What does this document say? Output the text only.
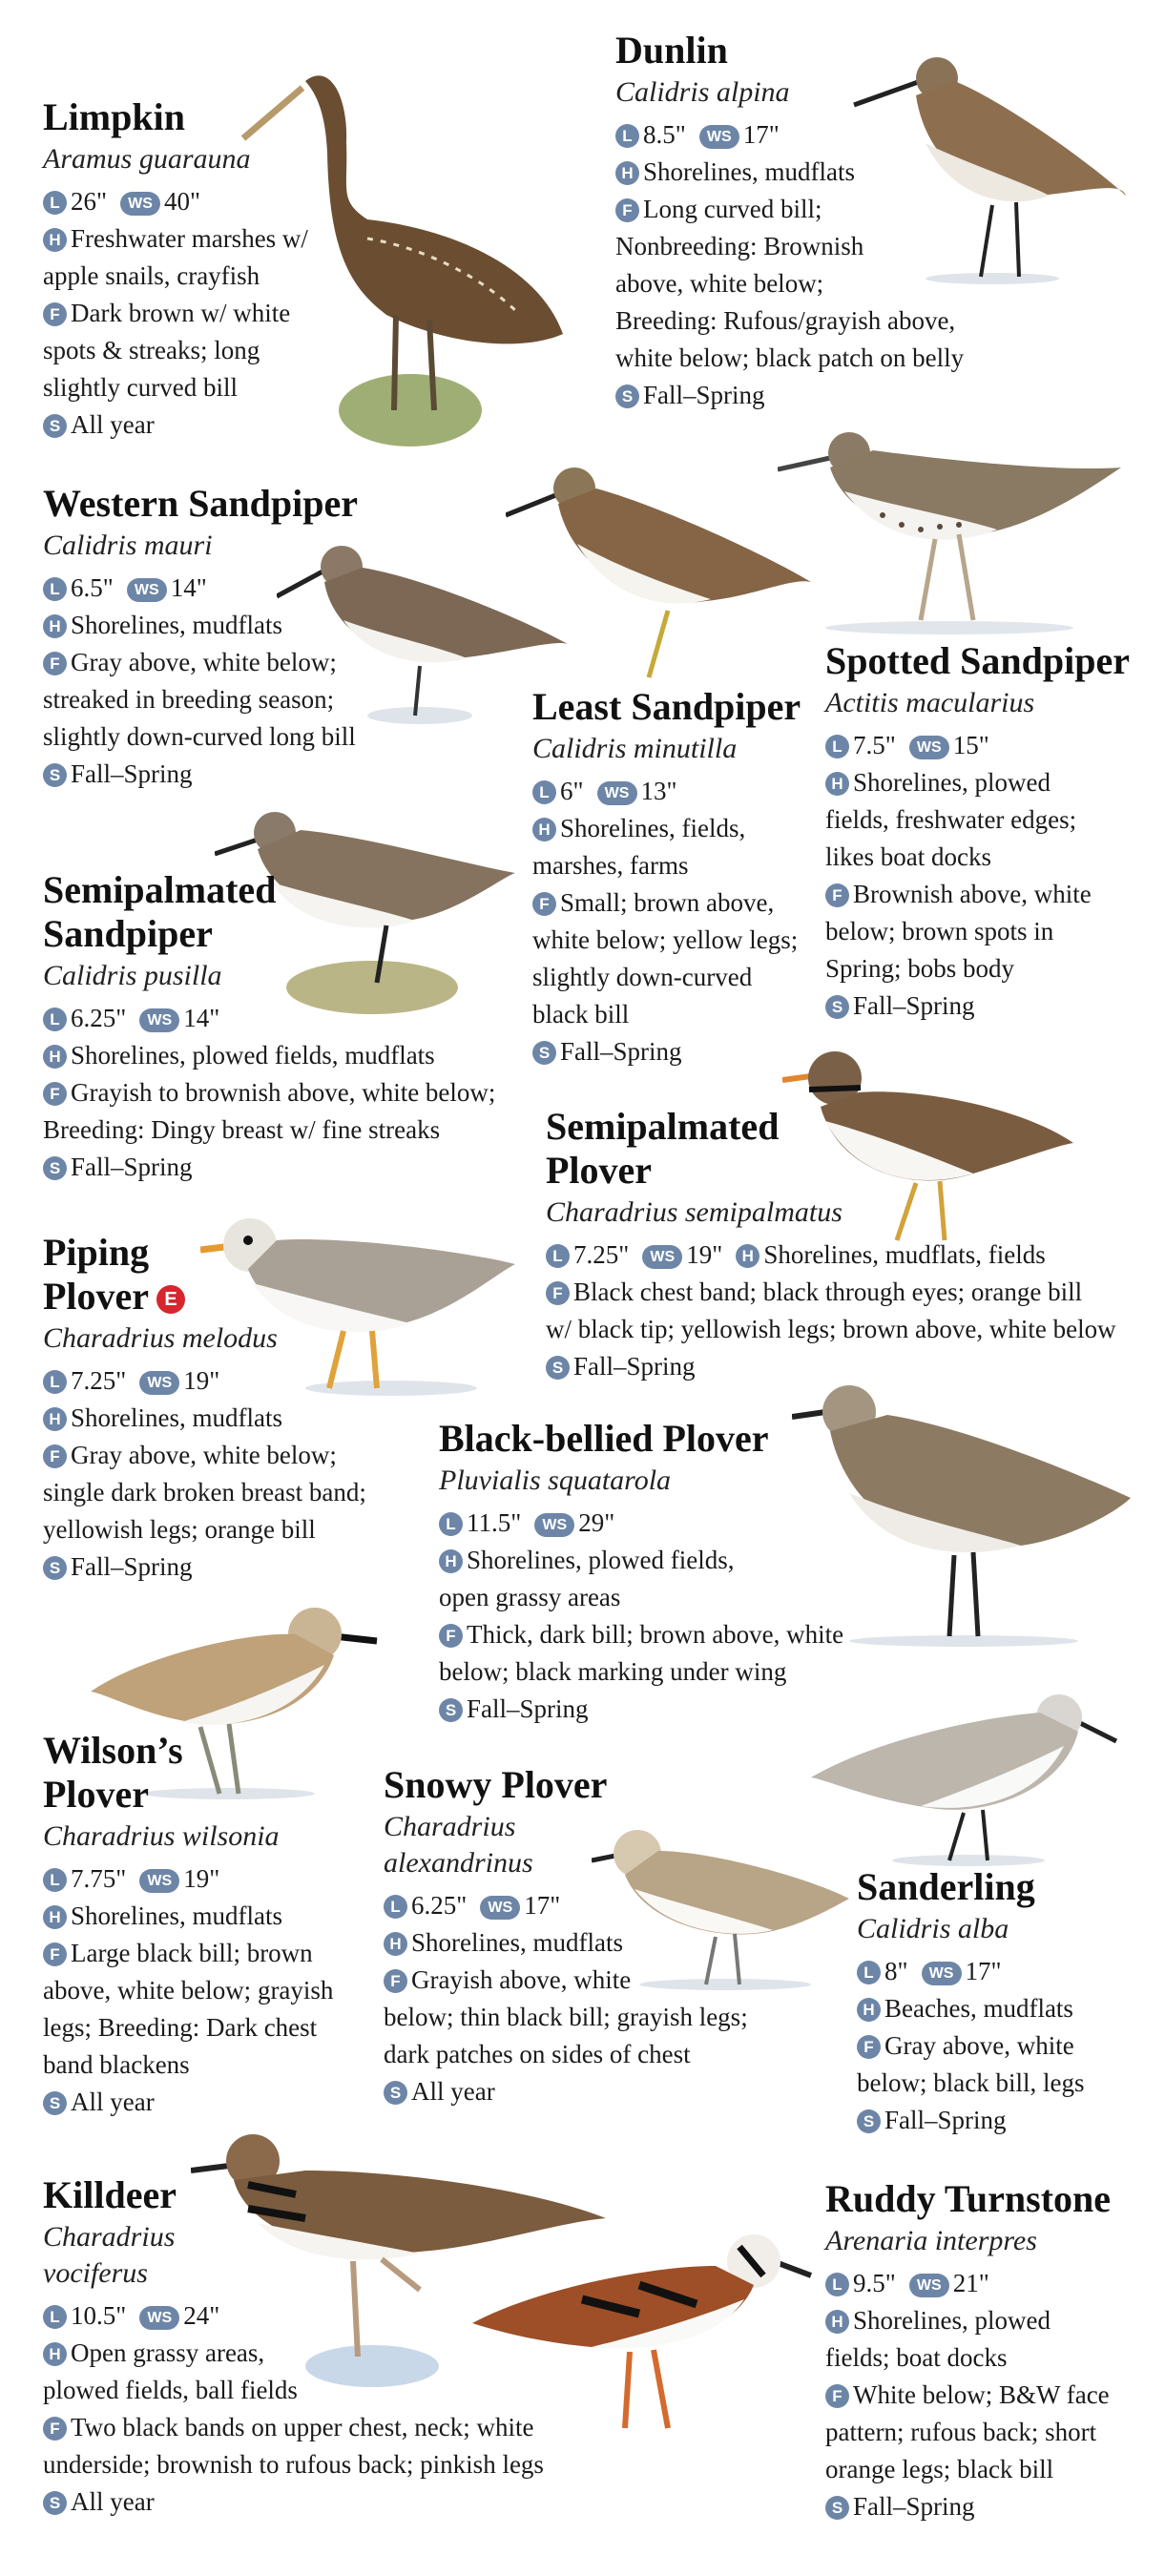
Limpkin
Aramus guarauna
L 26" WS 40"
H Freshwater marshes w/
apple snails, crayfish
F Dark brown w/ white
spots & streaks; long
slightly curved bill
S All year
Dunlin
Calidris alpina
L 8.5" WS 17"
H Shorelines, mudflats
F Long curved bill;
Nonbreeding: Brownish
above, white below;
Breeding: Rufous/grayish above,
white below; black patch on belly
S Fall–Spring
Western Sandpiper
Calidris mauri
L 6.5" WS 14"
H Shorelines, mudflats
F Gray above, white below;
streaked in breeding season;
slightly down-curved long bill
S Fall–Spring
Least Sandpiper
Calidris minutilla
L 6" WS 13"
H Shorelines, fields,
marshes, farms
F Small; brown above,
white below; yellow legs;
slightly down-curved
black bill
S Fall–Spring
Spotted Sandpiper
Actitis macularius
L 7.5" WS 15"
H Shorelines, plowed
fields, freshwater edges;
likes boat docks
F Brownish above, white
below; brown spots in
Spring; bobs body
S Fall–Spring
Semipalmated
Sandpiper
Calidris pusilla
L 6.25" WS 14"
H Shorelines, plowed fields, mudflats
F Grayish to brownish above, white below;
Breeding: Dingy breast w/ fine streaks
S Fall–Spring
Semipalmated
Plover
Charadrius semipalmatus
L 7.25" WS 19" H Shorelines, mudflats, fields
F Black chest band; black through eyes; orange bill
w/ black tip; yellowish legs; brown above, white below
S Fall–Spring
Piping
Plover E
Charadrius melodus
L 7.25" WS 19"
H Shorelines, mudflats
F Gray above, white below;
single dark broken breast band;
yellowish legs; orange bill
S Fall–Spring
Black-bellied Plover
Pluvialis squatarola
L 11.5" WS 29"
H Shorelines, plowed fields,
open grassy areas
F Thick, dark bill; brown above, white
below; black marking under wing
S Fall–Spring
Wilson’s
Plover
Charadrius wilsonia
L 7.75" WS 19"
H Shorelines, mudflats
F Large black bill; brown
above, white below; grayish
legs; Breeding: Dark chest
band blackens
S All year
Snowy Plover
Charadrius
alexandrinus
L 6.25" WS 17"
H Shorelines, mudflats
F Grayish above, white
below; thin black bill; grayish legs;
dark patches on sides of chest
S All year
Sanderling
Calidris alba
L 8" WS 17"
H Beaches, mudflats
F Gray above, white
below; black bill, legs
S Fall–Spring
Killdeer
Charadrius
vociferus
L 10.5" WS 24"
H Open grassy areas,
plowed fields, ball fields
F Two black bands on upper chest, neck; white
underside; brownish to rufous back; pinkish legs
S All year
Ruddy Turnstone
Arenaria interpres
L 9.5" WS 21"
H Shorelines, plowed
fields; boat docks
F White below; B&W face
pattern; rufous back; short
orange legs; black bill
S Fall–Spring
